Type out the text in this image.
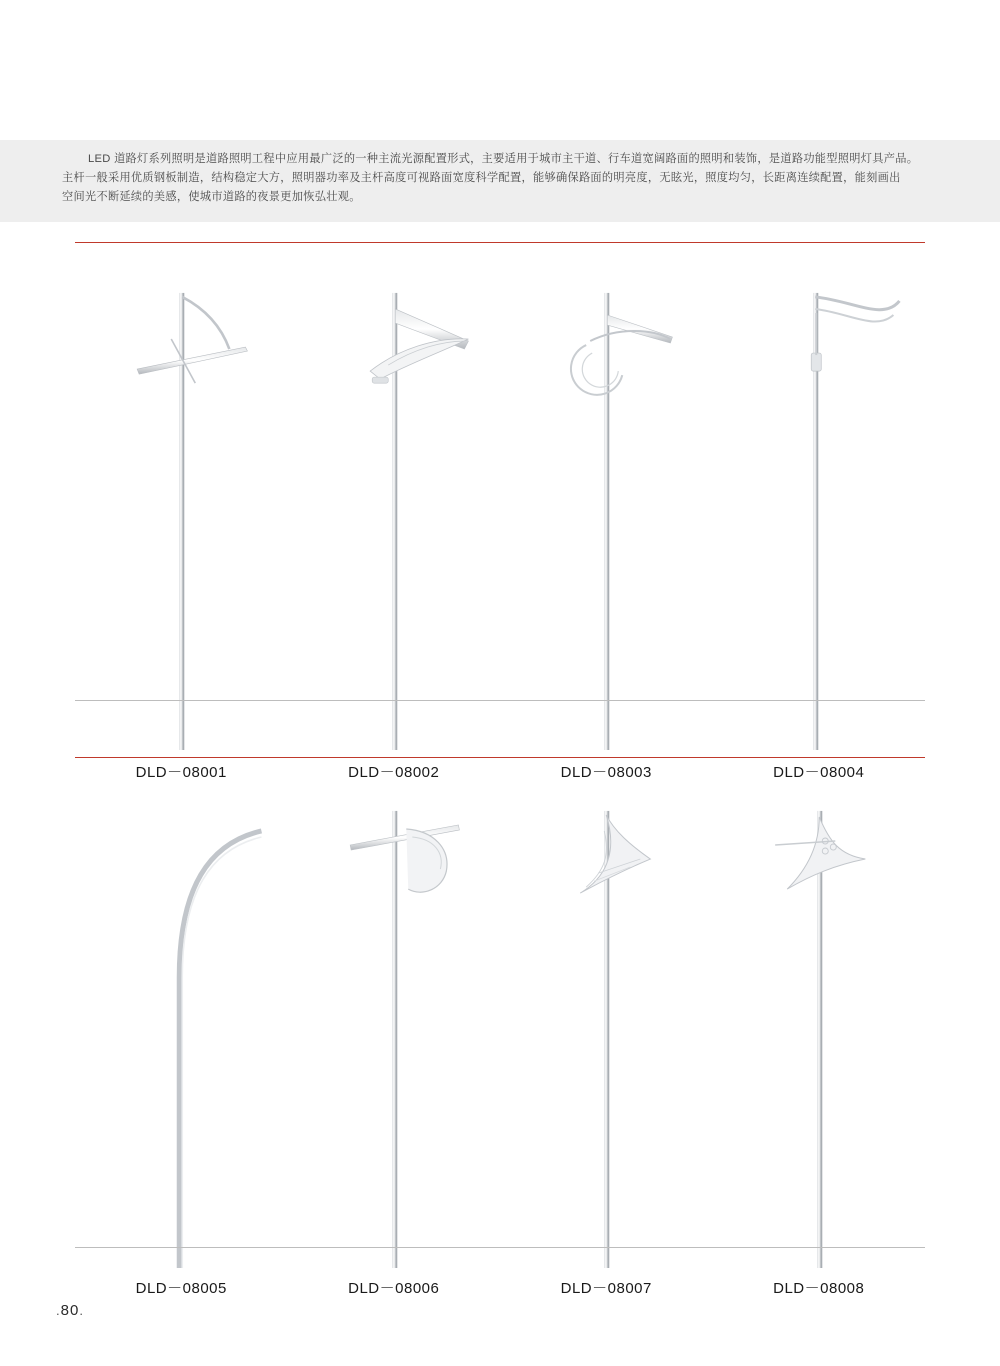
LED 道路灯系列照明是道路照明工程中应用最广泛的一种主流光源配置形式，主要适用于城市主干道、行车道宽阔路面的照明和装饰，是道路功能型照明灯具产品。

主杆一般采用优质钢板制造，结构稳定大方，照明器功率及主杆高度可视路面宽度科学配置，能够确保路面的明亮度，无眩光，照度均匀，长距离连续配置，能刻画出

空间光不断延续的美感，使城市道路的夜景更加恢弘壮观。

DLD－08001	DLD－08002	DLD－08003	DLD－08004
DLD－08005	DLD－08006	DLD－08007	DLD－08008
.80.
